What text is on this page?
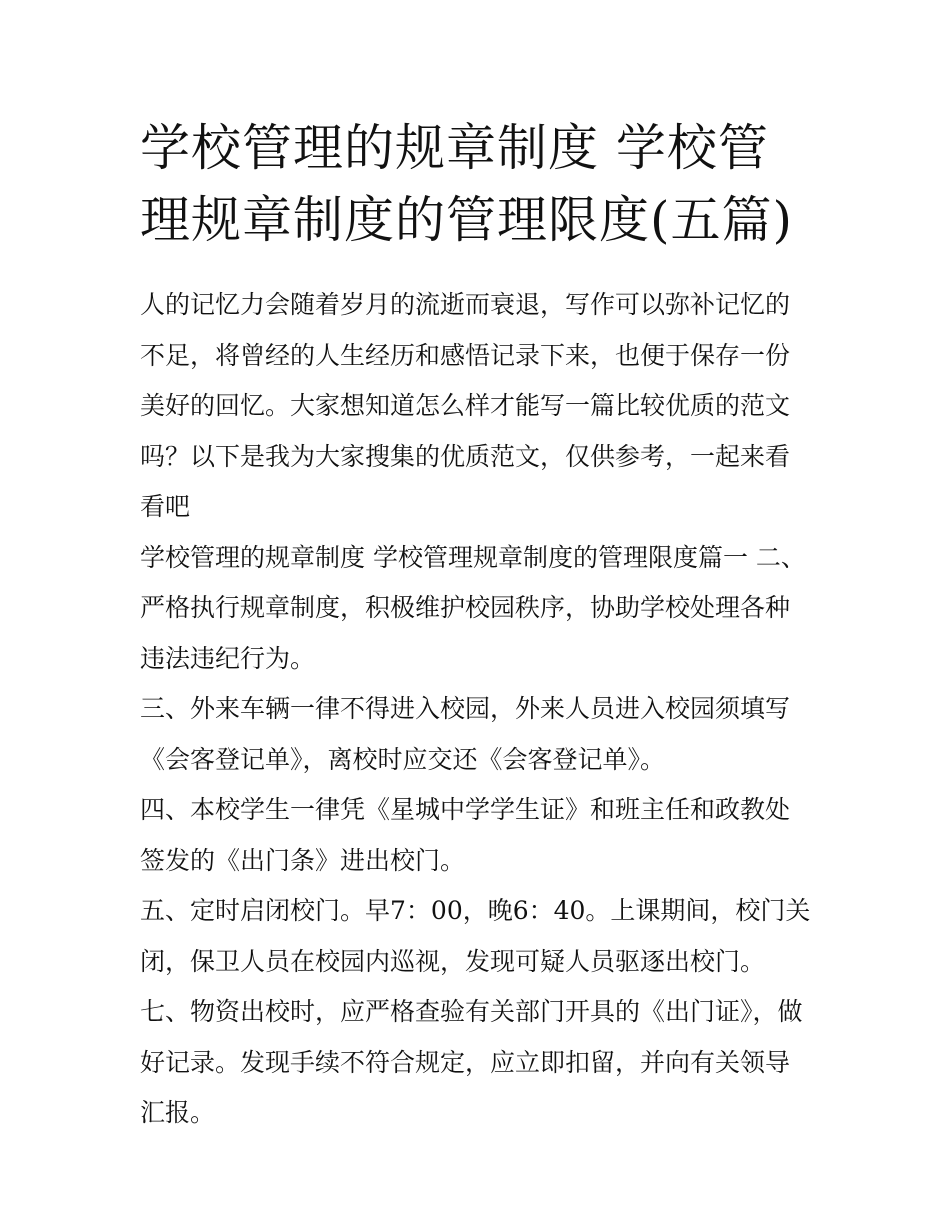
学校管理的规章制度 学校管理规章制度的管理限度(五篇)

人的记忆力会随着岁月的流逝而衰退，写作可以弥补记忆的不足，将曾经的人生经历和感悟记录下来，也便于保存一份美好的回忆。大家想知道怎么样才能写一篇比较优质的范文吗？以下是我为大家搜集的优质范文，仅供参考，一起来看看吧

学校管理的规章制度 学校管理规章制度的管理限度篇一 二、严格执行规章制度，积极维护校园秩序，协助学校处理各种违法违纪行为。

三、外来车辆一律不得进入校园，外来人员进入校园须填写《会客登记单》，离校时应交还《会客登记单》。

四、本校学生一律凭《星城中学学生证》和班主任和政教处签发的《出门条》进出校门。

五、定时启闭校门。早7：00，晚6：40。上课期间，校门关闭，保卫人员在校园内巡视，发现可疑人员驱逐出校门。

七、物资出校时，应严格查验有关部门开具的《出门证》，做好记录。发现手续不符合规定，应立即扣留，并向有关领导汇报。
